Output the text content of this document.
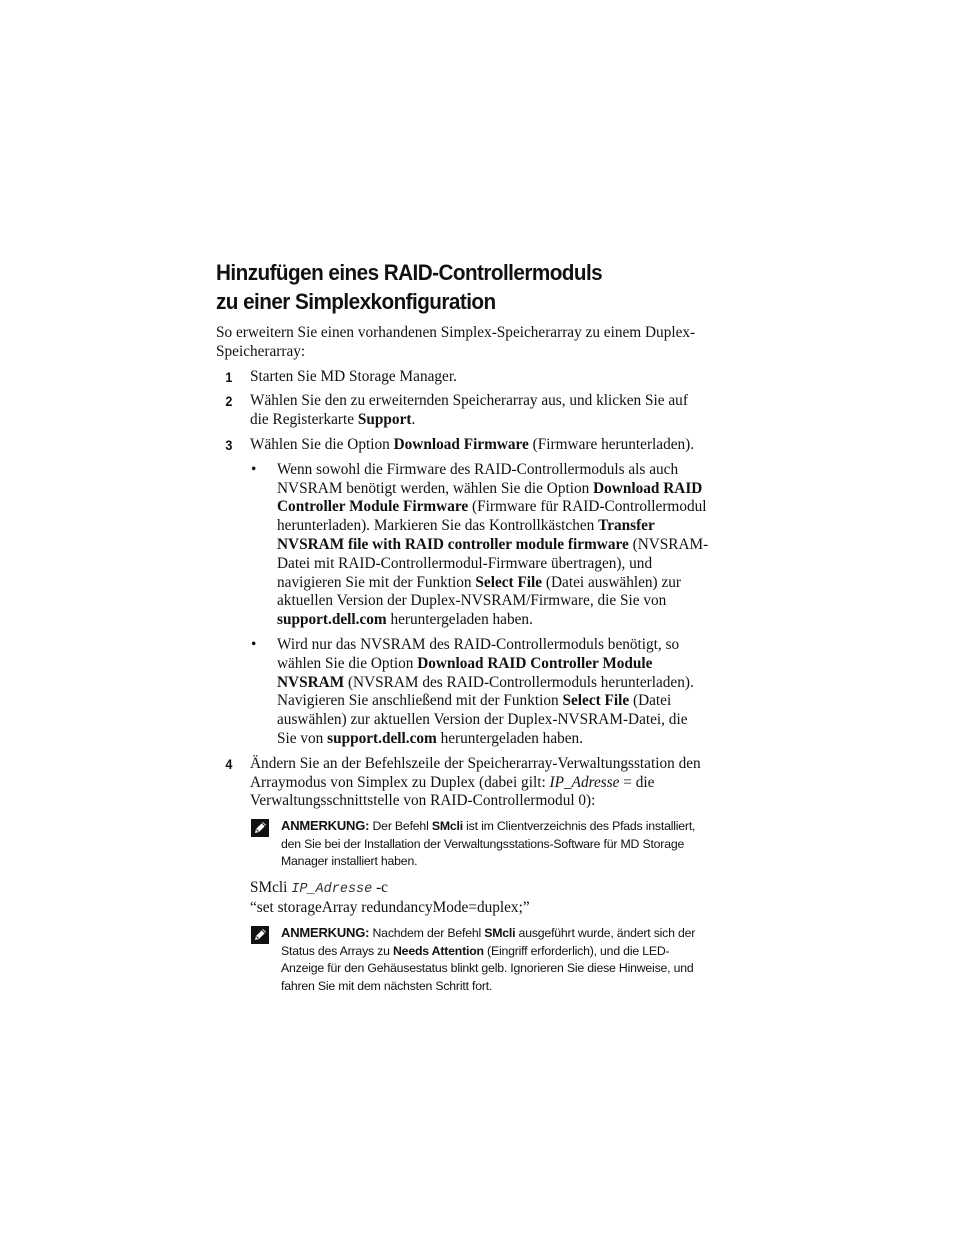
Hinzufügen eines RAID-Controllermoduls
zu einer Simplexkonfiguration

So erweitern Sie einen vorhandenen Simplex-Speicherarray zu einem Duplex-Speicherarray:

1 Starten Sie MD Storage Manager.
2 Wählen Sie den zu erweiternden Speicherarray aus, und klicken Sie auf die Registerkarte Support.
3 Wählen Sie die Option Download Firmware (Firmware herunterladen).
• Wenn sowohl die Firmware des RAID-Controllermoduls als auch NVSRAM benötigt werden, wählen Sie die Option Download RAID Controller Module Firmware (Firmware für RAID-Controllermodul herunterladen). Markieren Sie das Kontrollkästchen Transfer NVSRAM file with RAID controller module firmware (NVSRAM-Datei mit RAID-Controllermodul-Firmware übertragen), und navigieren Sie mit der Funktion Select File (Datei auswählen) zur aktuellen Version der Duplex-NVSRAM/Firmware, die Sie von support.dell.com heruntergeladen haben.
• Wird nur das NVSRAM des RAID-Controllermoduls benötigt, so wählen Sie die Option Download RAID Controller Module NVSRAM (NVSRAM des RAID-Controllermoduls herunterladen). Navigieren Sie anschließend mit der Funktion Select File (Datei auswählen) zur aktuellen Version der Duplex-NVSRAM-Datei, die Sie von support.dell.com heruntergeladen haben.
4 Ändern Sie an der Befehlszeile der Speicherarray-Verwaltungsstation den Arraymodus von Simplex zu Duplex (dabei gilt: IP_Adresse = die Verwaltungsschnittstelle von RAID-Controllermodul 0):
ANMERKUNG: Der Befehl SMcli ist im Clientverzeichnis des Pfads installiert, den Sie bei der Installation der Verwaltungsstations-Software für MD Storage Manager installiert haben.
SMcli IP_Adresse -c
“set storageArray redundancyMode=duplex;”
ANMERKUNG: Nachdem der Befehl SMcli ausgeführt wurde, ändert sich der Status des Arrays zu Needs Attention (Eingriff erforderlich), und die LED-Anzeige für den Gehäusestatus blinkt gelb. Ignorieren Sie diese Hinweise, und fahren Sie mit dem nächsten Schritt fort.
